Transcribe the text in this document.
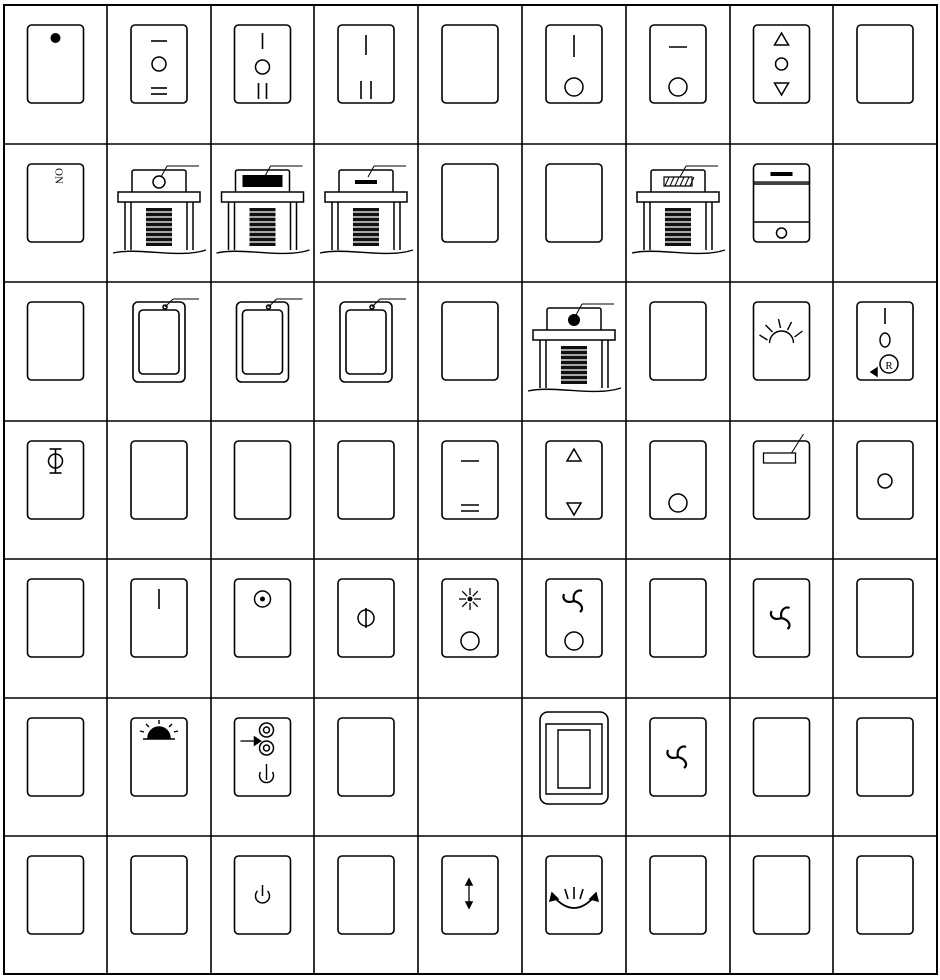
ON
R
